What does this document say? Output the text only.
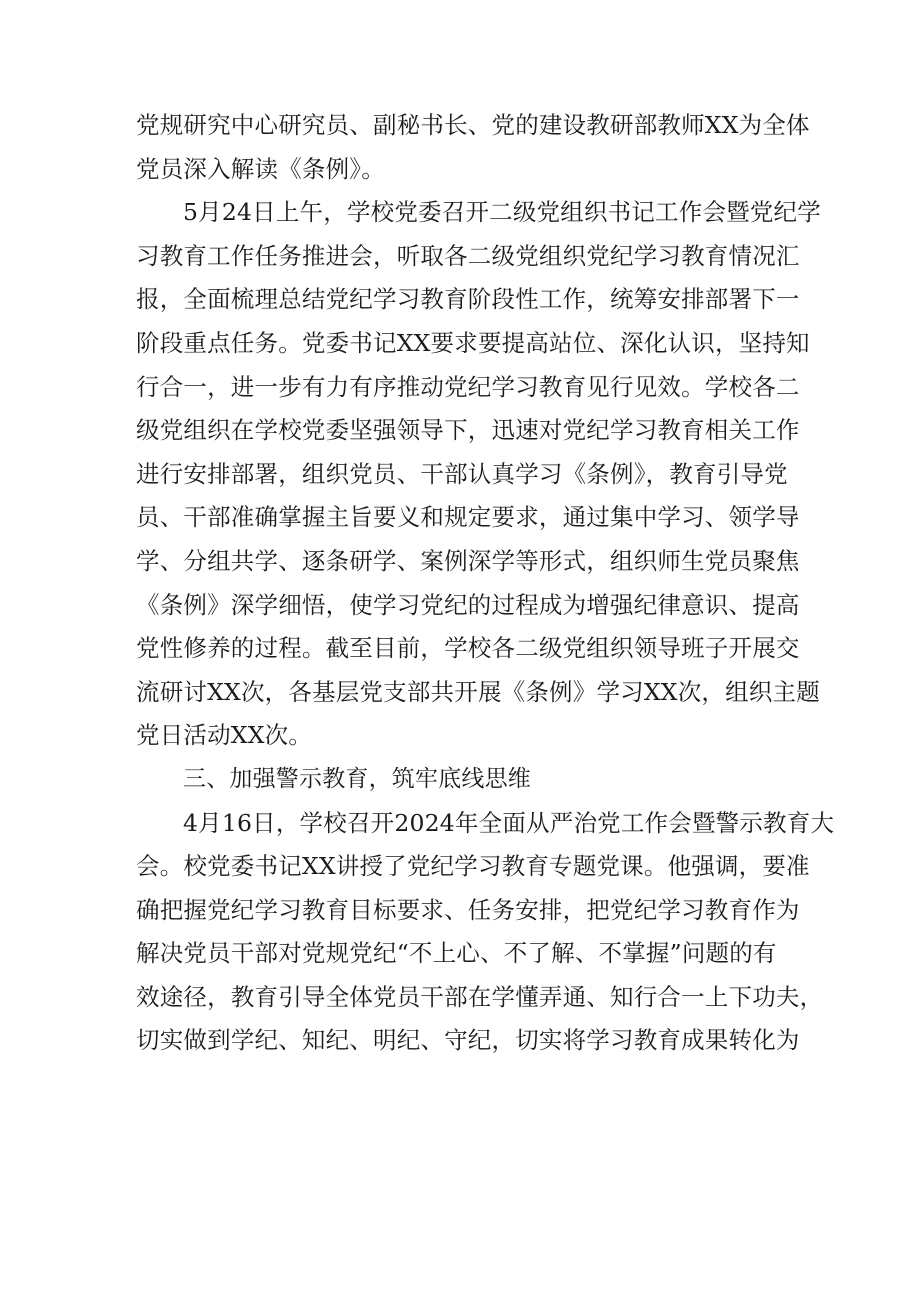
党规研究中心研究员、副秘书长、党的建设教研部教师XX为全体
党员深入解读《条例》。
5月24日上午，学校党委召开二级党组织书记工作会暨党纪学
习教育工作任务推进会，听取各二级党组织党纪学习教育情况汇
报，全面梳理总结党纪学习教育阶段性工作，统筹安排部署下一
阶段重点任务。党委书记XX要求要提高站位、深化认识，坚持知
行合一，进一步有力有序推动党纪学习教育见行见效。学校各二
级党组织在学校党委坚强领导下，迅速对党纪学习教育相关工作
进行安排部署，组织党员、干部认真学习《条例》，教育引导党
员、干部准确掌握主旨要义和规定要求，通过集中学习、领学导
学、分组共学、逐条研学、案例深学等形式，组织师生党员聚焦
《条例》深学细悟，使学习党纪的过程成为增强纪律意识、提高
党性修养的过程。截至目前，学校各二级党组织领导班子开展交
流研讨XX次，各基层党支部共开展《条例》学习XX次，组织主题
党日活动XX次。
三、加强警示教育，筑牢底线思维
4月16日，学校召开2024年全面从严治党工作会暨警示教育大
会。校党委书记XX讲授了党纪学习教育专题党课。他强调，要准
确把握党纪学习教育目标要求、任务安排，把党纪学习教育作为
解决党员干部对党规党纪“不上心、不了解、不掌握”问题的有
效途径，教育引导全体党员干部在学懂弄通、知行合一上下功夫，
切实做到学纪、知纪、明纪、守纪，切实将学习教育成果转化为
